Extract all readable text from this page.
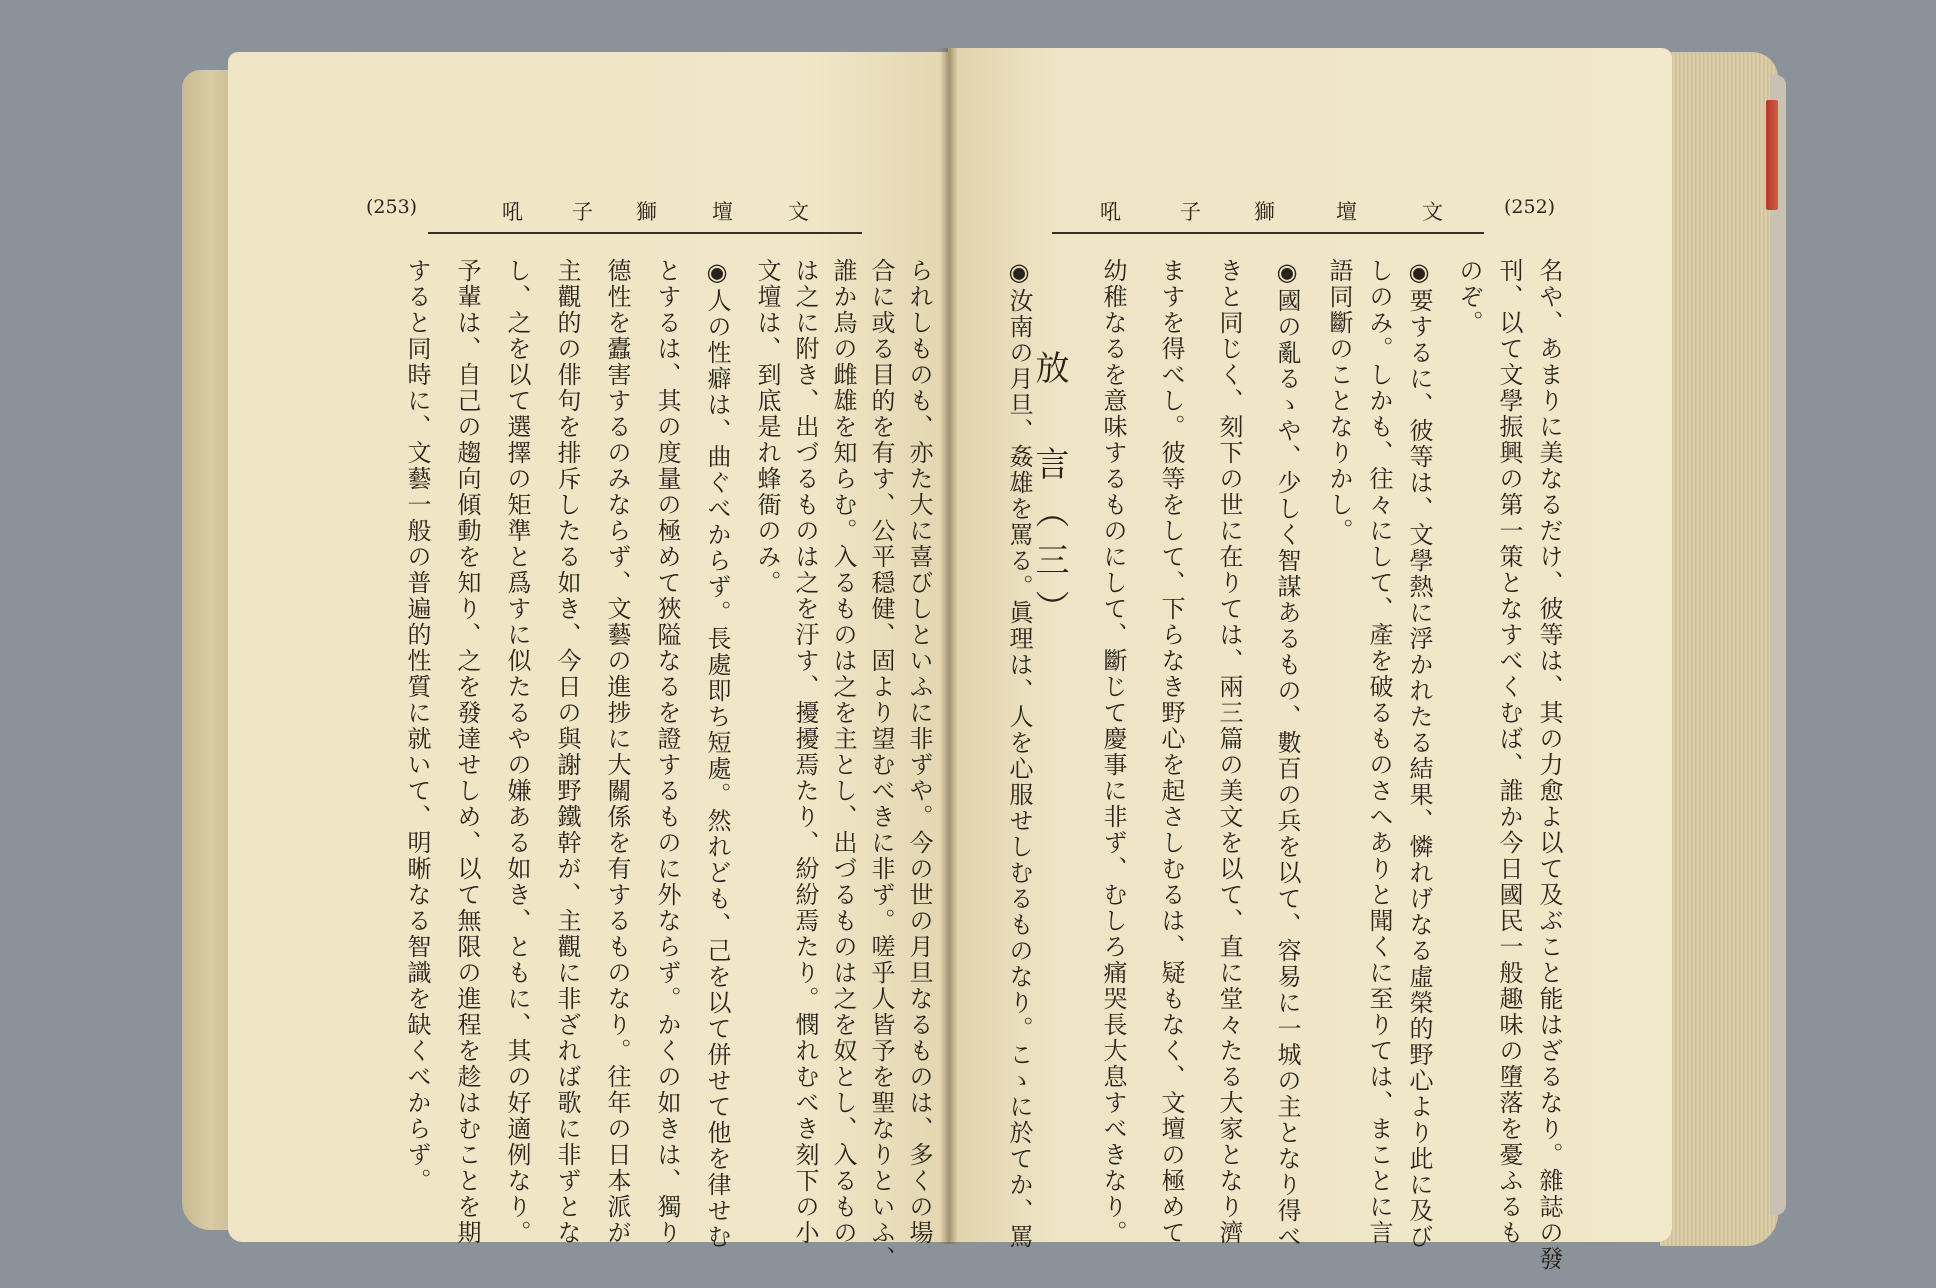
(253)	文
壇
獅
子
吼	文
壇
獅
子
吼	(252)
られしものも、亦た大に喜びしといふに非ずや。今の世の月旦なるものは、多くの場
合に或る目的を有す、公平穏健、固より望むべきに非ず。嗟乎人皆予を聖なりといふ、
誰か烏の雌雄を知らむ。入るものは之を主とし、出づるものは之を奴とし、入るもの
は之に附き、出づるものは之を汙す、擾擾焉たり、紛紛焉たり。憫れむべき刻下の小
文壇は、到底是れ蜂衙のみ。
◉人の性癖は、曲ぐべからず。長處即ち短處。然れども、己を以て併せて他を律せむ
とするは、其の度量の極めて狹隘なるを證するものに外ならず。かくの如きは、獨り
德性を蠹害するのみならず、文藝の進捗に大關係を有するものなり。往年の日本派が
主觀的の俳句を排斥したる如き、今日の與謝野鐵幹が、主觀に非ざれば歌に非ずとな
し、之を以て選擇の矩準と爲すに似たるやの嫌ある如き、ともに、其の好適例なり。
予輩は、自己の趨向傾動を知り、之を發達せしめ、以て無限の進程を趁はむことを期
すると同時に、文藝一般の普遍的性質に就いて、明晰なる智識を缺くべからず。	名や、あまりに美なるだけ、彼等は、其の力愈よ以て及ぶこと能はざるなり。雜誌の發
刊、以て文學振興の第一策となすべくむば、誰か今日國民一般趣味の墮落を憂ふるも
のぞ。
◉要するに、彼等は、文學熱に浮かれたる結果、憐れげなる虛榮的野心より此に及び
しのみ。しかも、往々にして、產を破るものさへありと聞くに至りては、まことに言
語同斷のことなりかし。
◉國の亂るゝや、少しく智謀あるもの、數百の兵を以て、容易に一城の主となり得べ
きと同じく、刻下の世に在りては、兩三篇の美文を以て、直に堂々たる大家となり濟
ますを得べし。彼等をして、下らなき野心を起さしむるは、疑もなく、文壇の極めて
幼稚なるを意味するものにして、斷じて慶事に非ず、むしろ痛哭長大息すべきなり。
放　言（三）
◉汝南の月旦、姦雄を罵る。眞理は、人を心服せしむるものなり。こゝに於てか、罵
